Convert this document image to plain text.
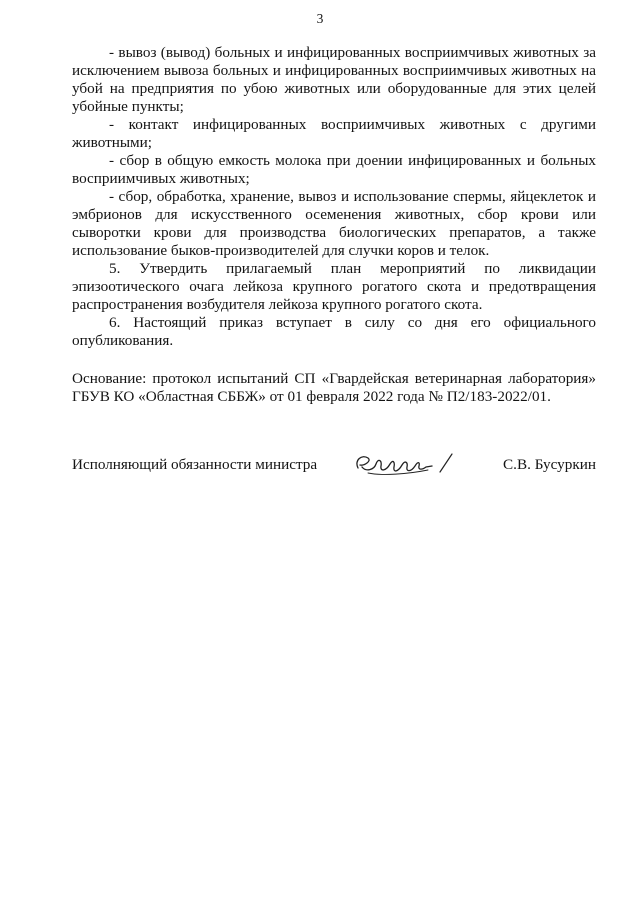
3

- вывоз (вывод) больных и инфицированных восприимчивых животных за исключением вывоза больных и инфицированных восприимчивых животных на убой на предприятия по убою животных или оборудованные для этих целей убойные пункты;

- контакт инфицированных восприимчивых животных с другими животными;

- сбор в общую емкость молока при доении инфицированных и больных восприимчивых животных;

- сбор, обработка, хранение, вывоз и использование спермы, яйцеклеток и эмбрионов для искусственного осеменения животных, сбор крови или сыворотки крови для производства биологических препаратов, а также использование быков-производителей для случки коров и телок.

5. Утвердить прилагаемый план мероприятий по ликвидации эпизоотического очага лейкоза крупного рогатого скота и предотвращения распространения возбудителя лейкоза крупного рогатого скота.

6. Настоящий приказ вступает в силу со дня его официального опубликования.

Основание: протокол испытаний СП «Гвардейская ветеринарная лаборатория» ГБУВ КО «Областная СББЖ» от 01 февраля 2022 года № П2/183-2022/01.

Исполняющий обязанности министра	С.В. Бусуркин
